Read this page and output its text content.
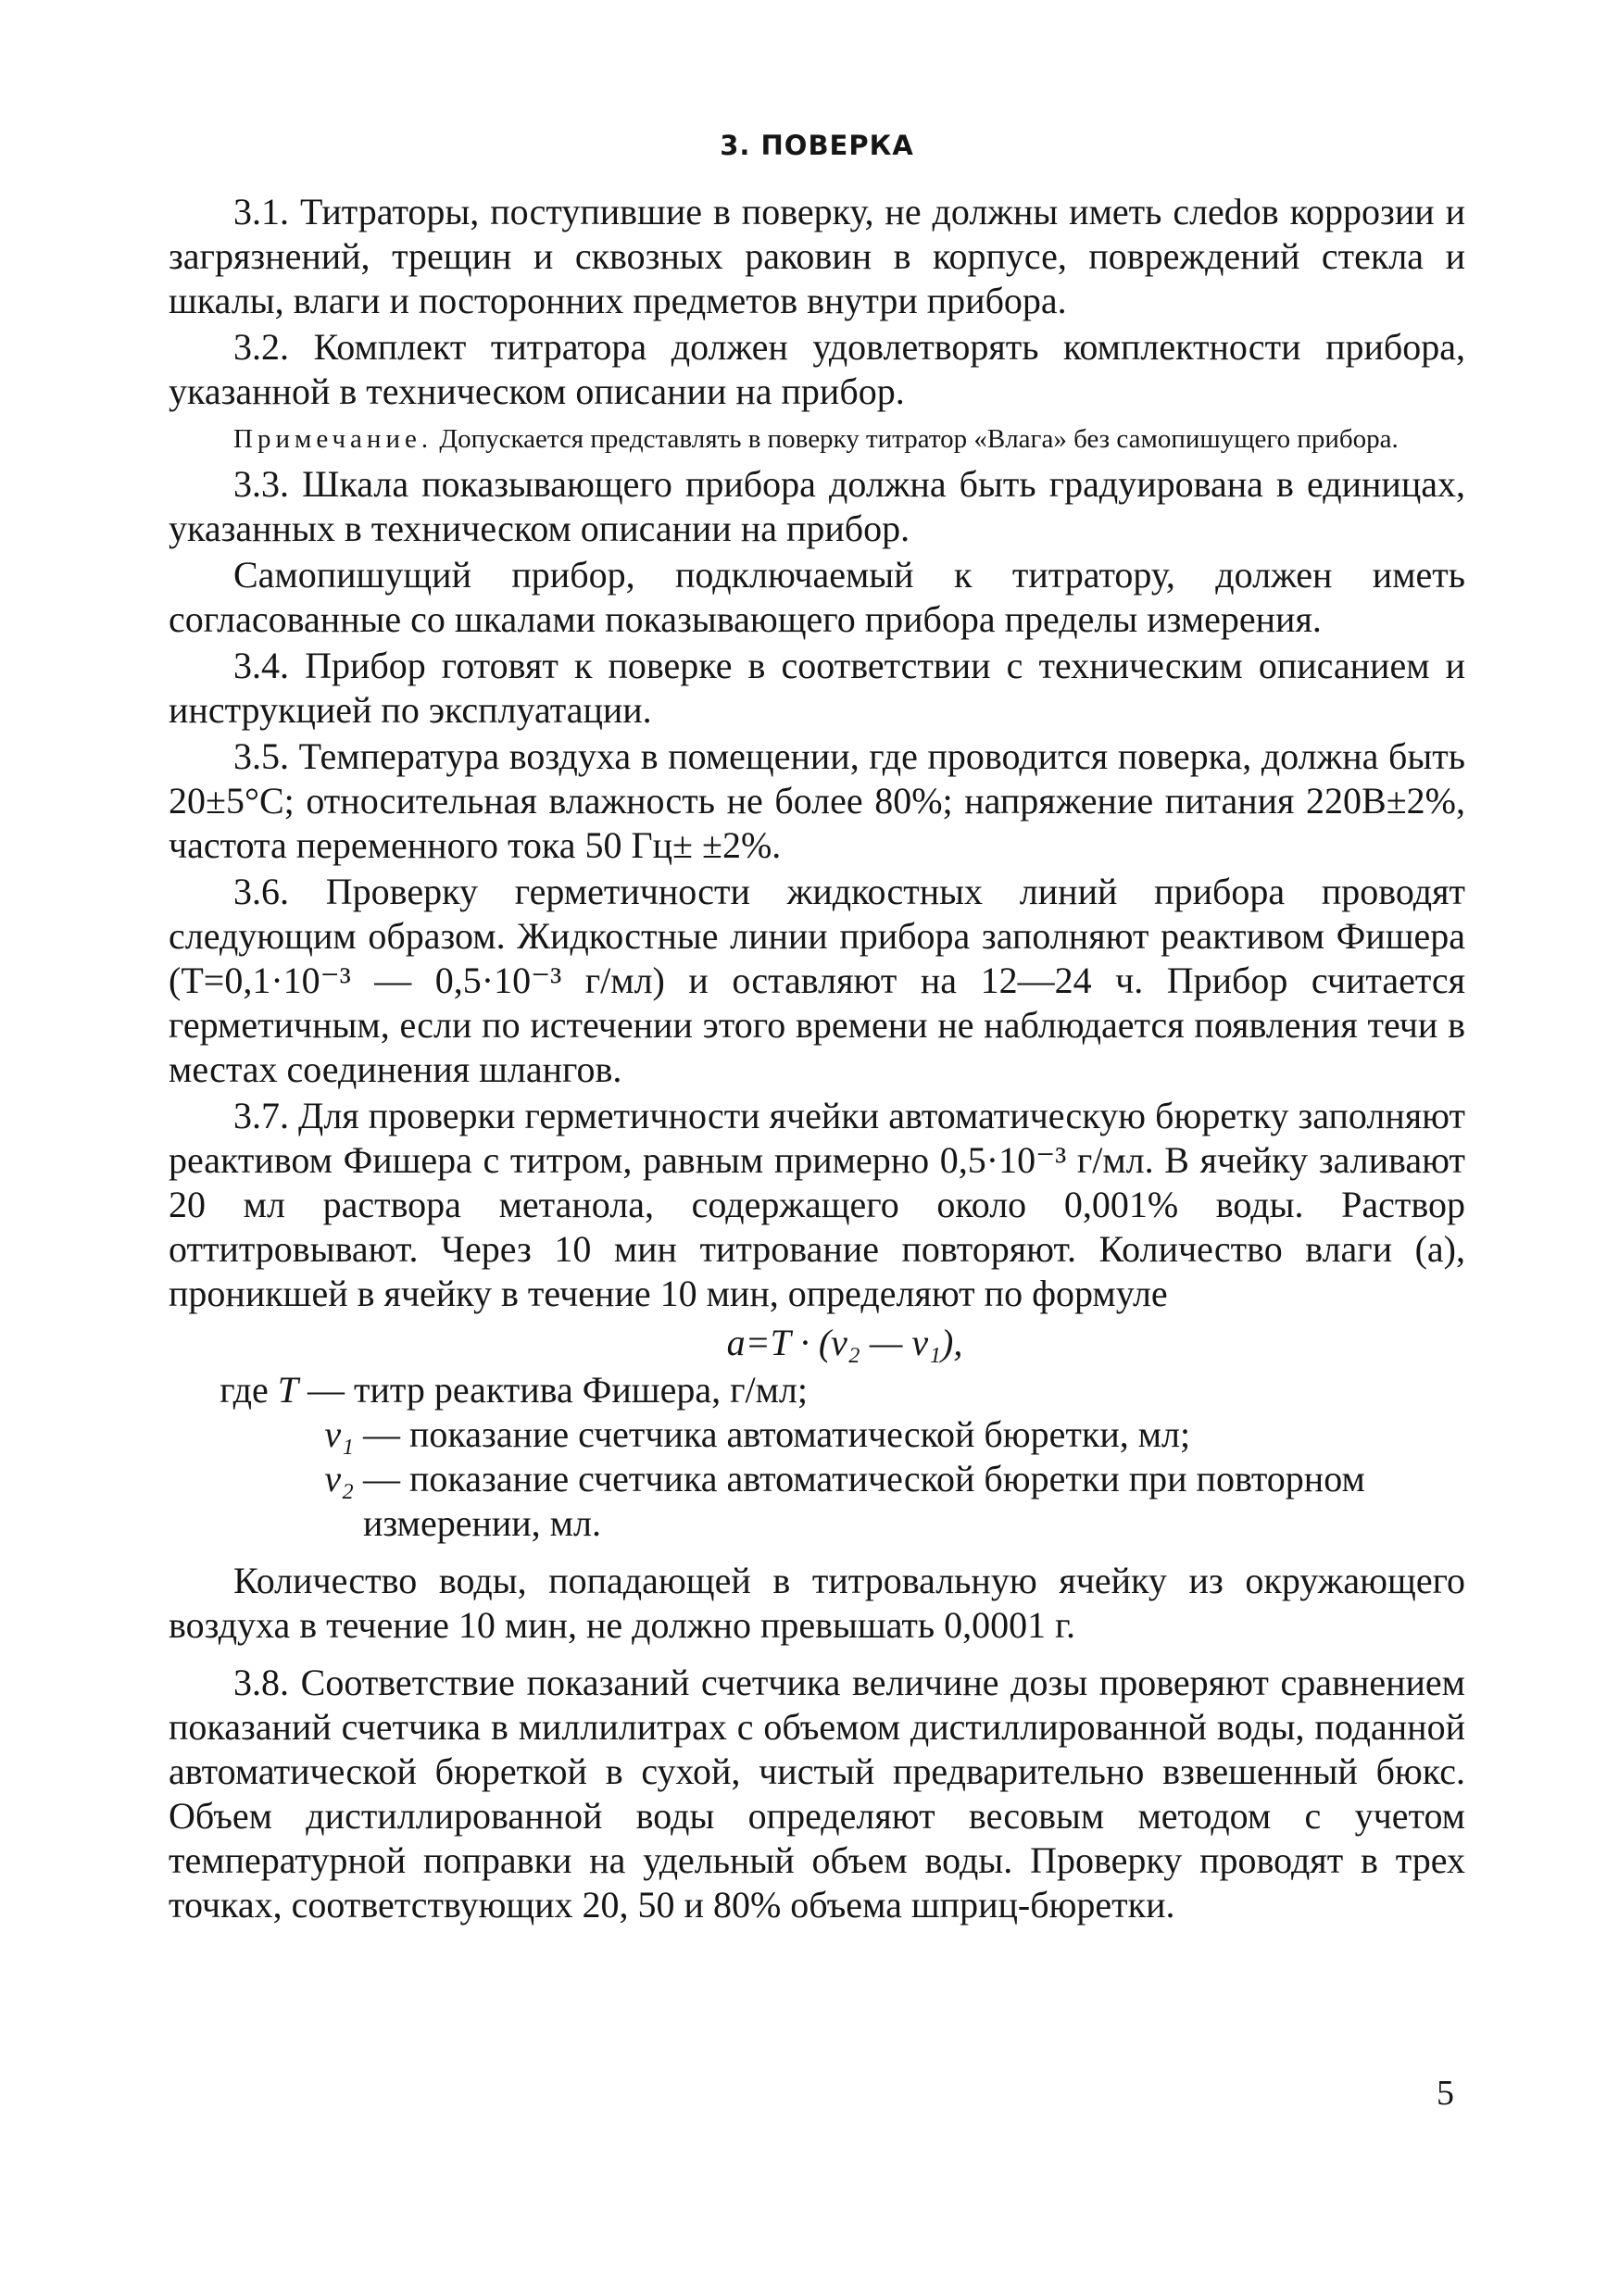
3. ПОВЕРКА

3.1. Титраторы, поступившие в поверку, не должны иметь слеdов коррозии и загрязнений, трещин и сквозных раковин в корпусе, повреждений стекла и шкалы, влаги и посторонних предметов внутри прибора.

3.2. Комплект титратора должен удовлетворять комплектности прибора, указанной в техническом описании на прибор.

Примечание. Допускается представлять в поверку титратор «Влага» без самопишущего прибора.

3.3. Шкала показывающего прибора должна быть градуирована в единицах, указанных в техническом описании на прибор.

Самопишущий прибор, подключаемый к титратору, должен иметь согласованные со шкалами показывающего прибора пределы измерения.

3.4. Прибор готовят к поверке в соответствии с техническим описанием и инструкцией по эксплуатации.

3.5. Температура воздуха в помещении, где проводится поверка, должна быть 20±5°С; относительная влажность не более 80%; напряжение питания 220В±2%, частота переменного тока 50 Гц± ±2%.

3.6. Проверку герметичности жидкостных линий прибора проводят следующим образом. Жидкостные линии прибора заполняют реактивом Фишера (Т=0,1·10⁻³ — 0,5·10⁻³ г/мл) и оставляют на 12—24 ч. Прибор считается герметичным, если по истечении этого времени не наблюдается появления течи в местах соединения шлангов.

3.7. Для проверки герметичности ячейки автоматическую бюретку заполняют реактивом Фишера с титром, равным примерно 0,5·10⁻³ г/мл. В ячейку заливают 20 мл раствора метанола, содержащего около 0,001% воды. Раствор оттитровывают. Через 10 мин титрование повторяют. Количество влаги (а), проникшей в ячейку в течение 10 мин, определяют по формуле

а=Т · (v₂ — v₁),
где Т — титр реактива Фишера, г/мл;
v₁ — показание счетчика автоматической бюретки, мл;
v₂ — показание счетчика автоматической бюретки при повторном измерении, мл.

Количество воды, попадающей в титровальную ячейку из окружающего воздуха в течение 10 мин, не должно превышать 0,0001 г.

3.8. Соответствие показаний счетчика величине дозы проверяют сравнением показаний счетчика в миллилитрах с объемом дистиллированной воды, поданной автоматической бюреткой в сухой, чистый предварительно взвешенный бюкс. Объем дистиллированной воды определяют весовым методом с учетом температурной поправки на удельный объем воды. Проверку проводят в трех точках, соответствующих 20, 50 и 80% объема шприц-бюретки.

5
